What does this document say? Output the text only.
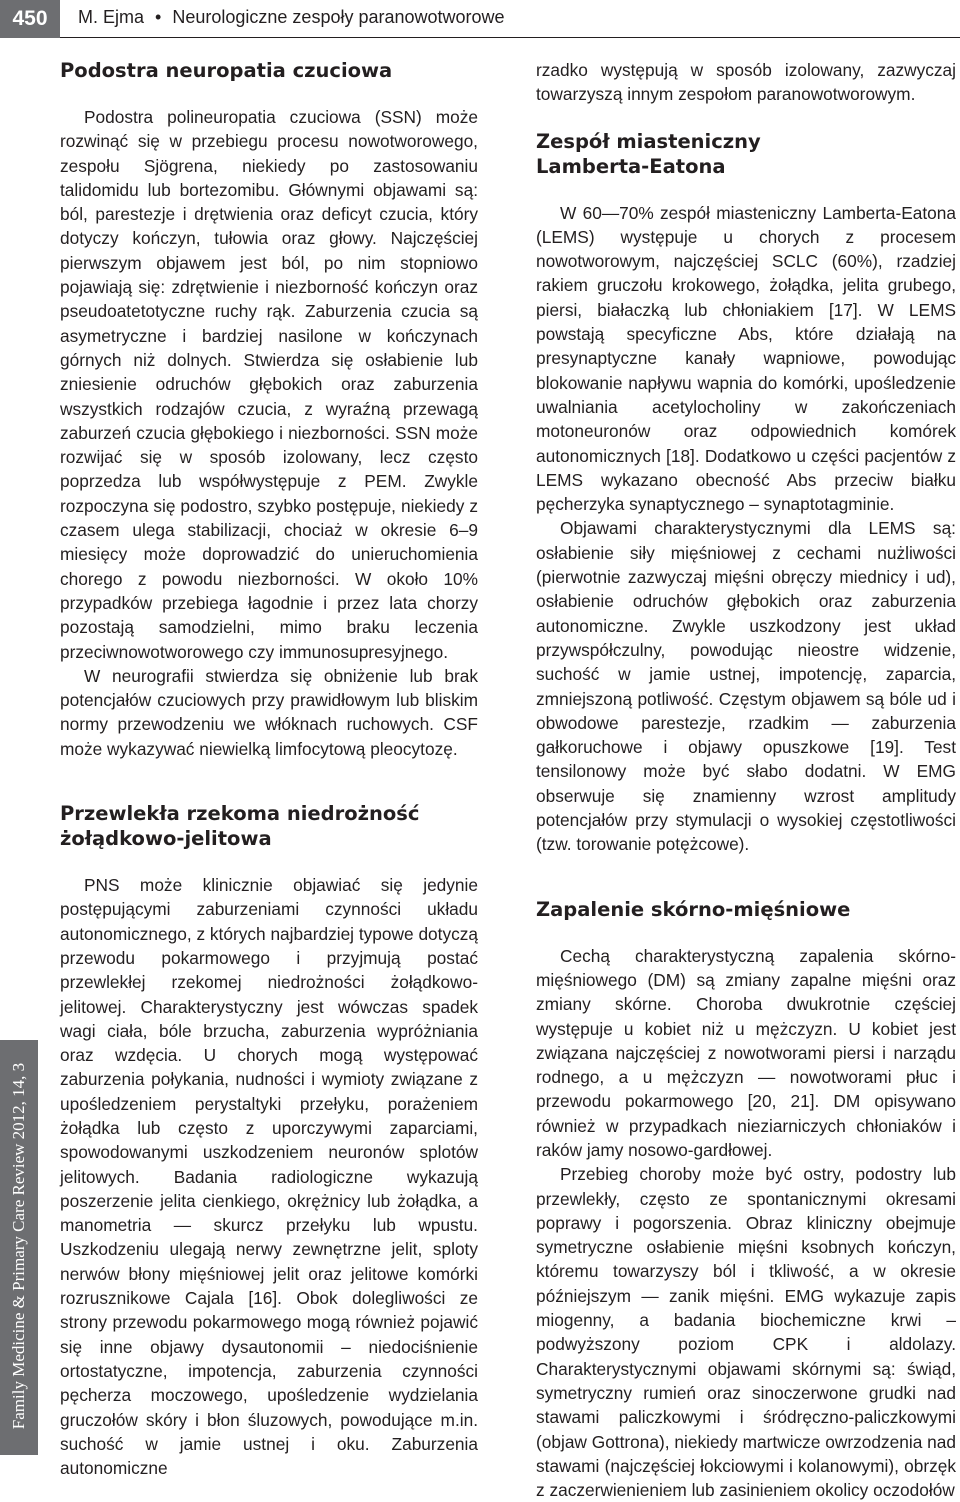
450	M. Ejma • Neurologiczne zespoły paranowotworowe
Family Medicine & Primary Care Review 2012, 14, 3
Podostra neuropatia czuciowa

Podostra polineuropatia czuciowa (SSN) może rozwinąć się w przebiegu procesu nowotworowego, zespołu Sjögrena, niekiedy po zastosowaniu talidomidu lub bortezomibu. Głównymi objawami są: ból, parestezje i drętwienia oraz deficyt czucia, który dotyczy kończyn, tułowia oraz głowy. Najczęściej pierwszym objawem jest ból, po nim stopniowo pojawiają się: zdrętwienie i niezborność kończyn oraz pseudoatetotyczne ruchy rąk. Zaburzenia czucia są asymetryczne i bardziej nasilone w kończynach górnych niż dolnych. Stwierdza się osłabienie lub zniesienie odruchów głębokich oraz zaburzenia wszystkich rodzajów czucia, z wyraźną przewagą zaburzeń czucia głębokiego i niezborności. SSN może rozwijać się w sposób izolowany, lecz często poprzedza lub współwystępuje z PEM. Zwykle rozpoczyna się podostro, szybko postępuje, niekiedy z czasem ulega stabilizacji, chociaż w okresie 6–9 miesięcy może doprowadzić do unieruchomienia chorego z powodu niezborności. W około 10% przypadków przebiega łagodnie i przez lata chorzy pozostają samodzielni, mimo braku leczenia przeciwnowotworowego czy immunosupresyjnego.

W neurografii stwierdza się obniżenie lub brak potencjałów czuciowych przy prawidłowym lub bliskim normy przewodzeniu we włóknach ruchowych. CSF może wykazywać niewielką limfocytową pleocytozę.

Przewlekła rzekoma niedrożność żołądkowo-jelitowa

PNS może klinicznie objawiać się jedynie postępującymi zaburzeniami czynności układu autonomicznego, z których najbardziej typowe dotyczą przewodu pokarmowego i przyjmują postać przewlekłej rzekomej niedrożności żołądkowo-jelitowej. Charakterystyczny jest wówczas spadek wagi ciała, bóle brzucha, zaburzenia wypróżniania oraz wzdęcia. U chorych mogą występować zaburzenia połykania, nudności i wymioty związane z upośledzeniem perystaltyki przełyku, porażeniem żołądka lub często z uporczywymi zaparciami, spowodowanymi uszkodzeniem neuronów splotów jelitowych. Badania radiologiczne wykazują poszerzenie jelita cienkiego, okrężnicy lub żołądka, a manometria — skurcz przełyku lub wpustu. Uszkodzeniu ulegają nerwy zewnętrzne jelit, sploty nerwów błony mięśniowej jelit oraz jelitowe komórki rozrusznikowe Cajala [16]. Obok dolegliwości ze strony przewodu pokarmowego mogą również pojawić się inne objawy dysautonomii – niedociśnienie ortostatyczne, impotencja, zaburzenia czynności pęcherza moczowego, upośledzenie wydzielania gruczołów skóry i błon śluzowych, powodujące m.in. suchość w jamie ustnej i oku. Zaburzenia autonomiczne

rzadko występują w sposób izolowany, zazwyczaj towarzyszą innym zespołom paranowotworowym.

Zespół miasteniczny
Lamberta-Eatona

W 60—70% zespół miasteniczny Lamberta-Eatona (LEMS) występuje u chorych z procesem nowotworowym, najczęściej SCLC (60%), rzadziej rakiem gruczołu krokowego, żołądka, jelita grubego, piersi, białaczką lub chłoniakiem [17]. W LEMS powstają specyficzne Abs, które działają na presynaptyczne kanały wapniowe, powodując blokowanie napływu wapnia do komórki, upośledzenie uwalniania acetylocholiny w zakończeniach motoneuronów oraz odpowiednich komórek autonomicznych [18]. Dodatkowo u części pacjentów z LEMS wykazano obecność Abs przeciw białku pęcherzyka synaptycznego – synaptotagminie.

Objawami charakterystycznymi dla LEMS są: osłabienie siły mięśniowej z cechami nużliwości (pierwotnie zazwyczaj mięśni obręczy miednicy i ud), osłabienie odruchów głębokich oraz zaburzenia autonomiczne. Zwykle uszkodzony jest układ przywspółczulny, powodując nieostre widzenie, suchość w jamie ustnej, impotencję, zaparcia, zmniejszoną potliwość. Częstym objawem są bóle ud i obwodowe parestezje, rzadkim — zaburzenia gałkoruchowe i objawy opuszkowe [19]. Test tensilonowy może być słabo dodatni. W EMG obserwuje się znamienny wzrost amplitudy potencjałów przy stymulacji o wysokiej częstotliwości (tzw. torowanie potężcowe).

Zapalenie skórno-mięśniowe

Cechą charakterystyczną zapalenia skórno-mięśniowego (DM) są zmiany zapalne mięśni oraz zmiany skórne. Choroba dwukrotnie częściej występuje u kobiet niż u mężczyzn. U kobiet jest związana najczęściej z nowotworami piersi i narządu rodnego, a u mężczyzn — nowotworami płuc i przewodu pokarmowego [20, 21]. DM opisywano również w przypadkach nieziarniczych chłoniaków i raków jamy nosowo-gardłowej.

Przebieg choroby może być ostry, podostry lub przewlekły, często ze spontanicznymi okresami poprawy i pogorszenia. Obraz kliniczny obejmuje symetryczne osłabienie mięśni ksobnych kończyn, któremu towarzyszy ból i tkliwość, a w okresie późniejszym — zanik mięśni. EMG wykazuje zapis miogenny, a badania biochemiczne krwi – podwyższony poziom CPK i aldolazy. Charakterystycznymi objawami skórnymi są: świąd, symetryczny rumień oraz sinoczerwone grudki nad stawami paliczkowymi i śródręczno-paliczkowymi (objaw Gottrona), niekiedy martwicze owrzodzenia nad stawami (najczęściej łokciowymi i kolanowymi), obrzęk z zaczerwienieniem lub zasinieniem okolicy oczodołów
